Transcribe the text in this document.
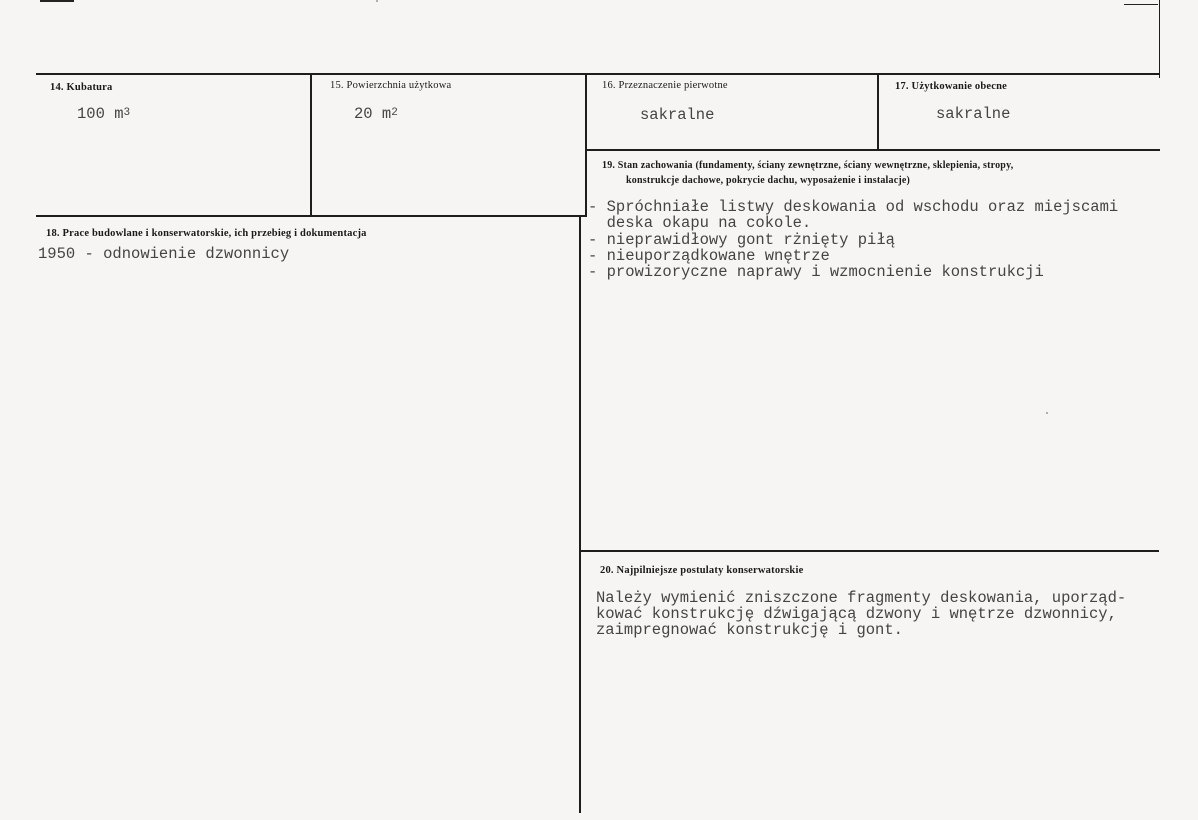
14. Kubatura
100 $m^3$
15. Powierzchnia użytkowa
20 $m^2$
16. Przeznaczenie pierwotne
sakralne
17. Użytkowanie obecne
sakralne
19. Stan zachowania (fundamenty, ściany zewnętrzne, ściany wewnętrzne, sklepienia, stropy,
konstrukcje dachowe, pokrycie dachu, wyposażenie i instalacje)
- Spróchniałe listwy deskowania od wschodu oraz miejscami
deska okapu na cokole.
- nieprawidłowy gont rżnięty piłą
- nieuporządkowane wnętrze
- prowizoryczne naprawy i wzmocnienie konstrukcji
18. Prace budowlane i konserwatorskie, ich przebieg i dokumentacja
1950 - odnowienie dzwonnicy
20. Najpilniejsze postulaty konserwatorskie
Należy wymienić zniszczone fragmenty deskowania, uporząd-
kować konstrukcję dźwigającą dzwony i wnętrze dzwonnicy,
zaimpregnować konstrukcję i gont.
